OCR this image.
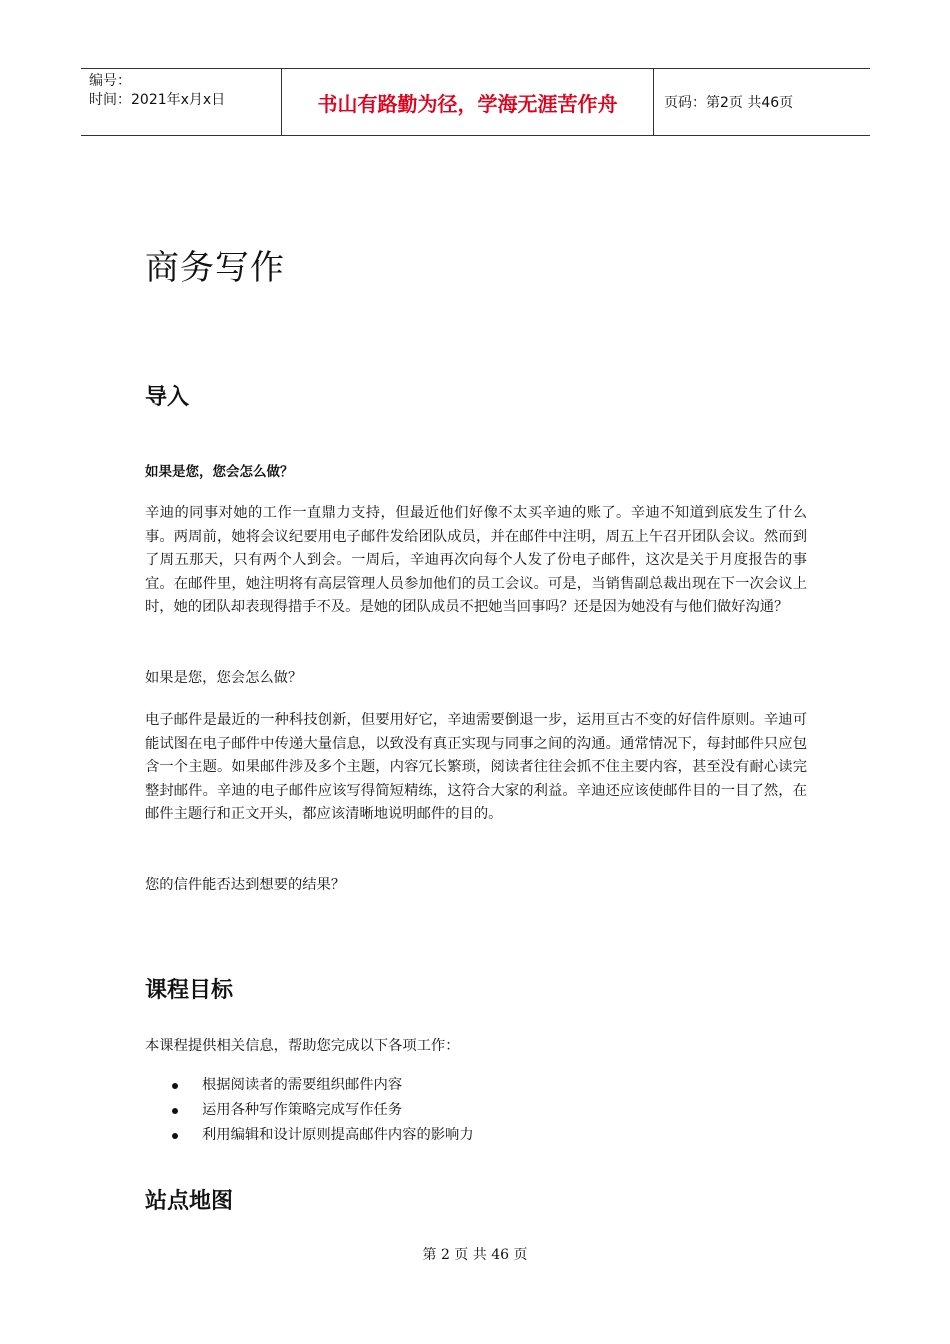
编号：
时间：2021年x月x日	书山有路勤为径，学海无涯苦作舟	页码：第2页 共46页
商务写作
导入

如果是您，您会怎么做？

辛迪的同事对她的工作一直鼎力支持，但最近他们好像不太买辛迪的账了。辛迪不知道到底发生了什么事。两周前，她将会议纪要用电子邮件发给团队成员，并在邮件中注明，周五上午召开团队会议。然而到了周五那天，只有两个人到会。一周后，辛迪再次向每个人发了份电子邮件，这次是关于月度报告的事宜。在邮件里，她注明将有高层管理人员参加他们的员工会议。可是，当销售副总裁出现在下一次会议上时，她的团队却表现得措手不及。是她的团队成员不把她当回事吗？还是因为她没有与他们做好沟通？

如果是您，您会怎么做？

电子邮件是最近的一种科技创新，但要用好它，辛迪需要倒退一步，运用亘古不变的好信件原则。辛迪可能试图在电子邮件中传递大量信息，以致没有真正实现与同事之间的沟通。通常情况下，每封邮件只应包含一个主题。如果邮件涉及多个主题，内容冗长繁琐，阅读者往往会抓不住主要内容，甚至没有耐心读完整封邮件。辛迪的电子邮件应该写得简短精练，这符合大家的利益。辛迪还应该使邮件目的一目了然，在邮件主题行和正文开头，都应该清晰地说明邮件的目的。

您的信件能否达到想要的结果？

课程目标

本课程提供相关信息，帮助您完成以下各项工作：

根据阅读者的需要组织邮件内容
运用各种写作策略完成写作任务
利用编辑和设计原则提高邮件内容的影响力
站点地图
第 2 页 共 46 页
